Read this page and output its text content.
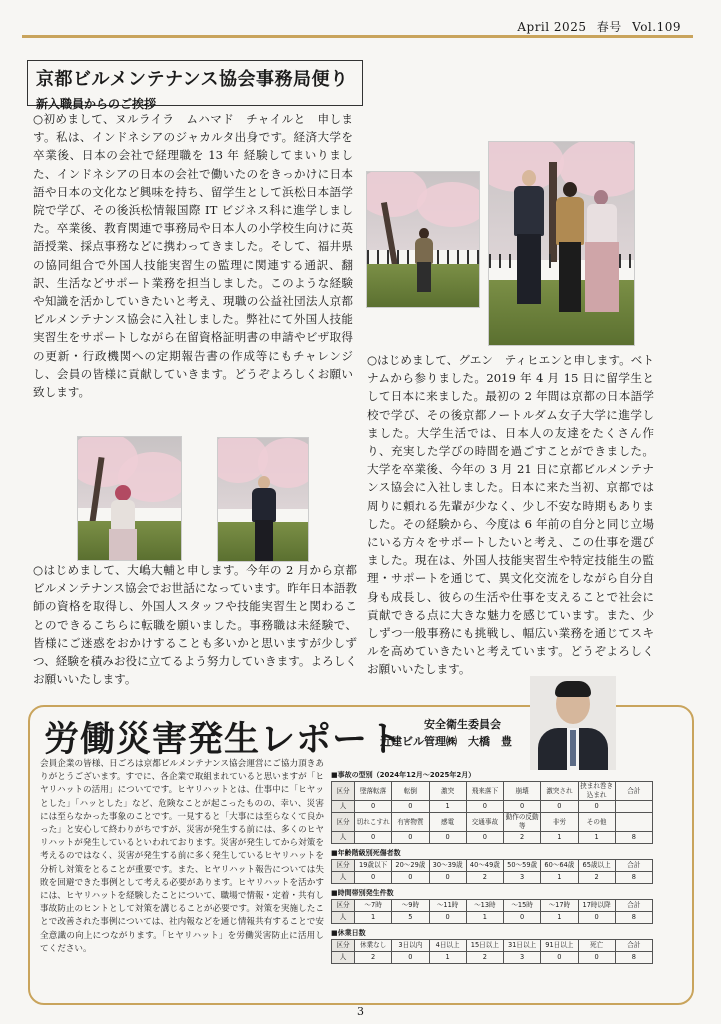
April 2025 春号 Vol.109
京都ビルメンテナンス協会事務局便り
新入職員からのご挨拶
○初めまして、ヌルライラ　ムハマド　チャイルと　申します。私は、インドネシアのジャカルタ出身です。経済大学を卒業後、日本の会社で経理職を 13 年 経験してまいりました、インドネシアの日本の会社で働いたのをきっかけに日本語や日本の文化など興味を持ち、留学生として浜松日本語学院で学び、その後浜松情報国際 IT ビジネス科に進学しました。卒業後、教育関連で事務局や日本人の小学校生向けに英語授業、採点事務などに携わってきました。そして、福井県の協同組合で外国人技能実習生の監理に関連する通訳、翻訳、生活などサポート業務を担当しました。このような経験や知識を活かしていきたいと考え、現職の公益社団法人京都ビルメンテナンス協会に入社しました。弊社にて外国人技能実習生をサポートしながら在留資格証明書の申請やビザ取得の更新・行政機関への定期報告書の作成等にもチャレンジし、会員の皆様に貢献していきます。どうぞよろしくお願い致します。
○はじめまして、グエン　ティヒエンと申します。ベトナムから参りました。2019 年 4 月 15 日に留学生として日本に来ました。最初の 2 年間は京都の日本語学校で学び、その後京都ノートルダム女子大学に進学しました。大学生活では、日本人の友達をたくさん作り、充実した学びの時間を過ごすことができました。大学を卒業後、今年の 3 月 21 日に京都ビルメンテナンス協会に入社しました。日本に来た当初、京都では周りに頼れる先輩が少なく、少し不安な時期もありました。その経験から、今度は 6 年前の自分と同じ立場にいる方々をサポートしたいと考え、この仕事を選びました。現在は、外国人技能実習生や特定技能生の監理・サポートを通じて、異文化交流をしながら自分自身も成長し、彼らの生活や仕事を支えることで社会に貢献できる点に大きな魅力を感じています。また、少しずつ一般事務にも挑戦し、幅広い業務を通じてスキルを高めていきたいと考えています。どうぞよろしくお願いいたします。
○はじめまして、大嶋大輔と申します。今年の 2 月から京都ビルメンテナンス協会でお世話になっています。昨年日本語教師の資格を取得し、外国人スタッフや技能実習生と関わることのできるこちらに転職を願いました。事務職は未経験で、皆様にご迷惑をおかけすることも多いかと思いますが少しずつ、経験を積みお役に立てるよう努力していきます。よろしくお願いいたします。
労働災害発生レポート	安全衛生委員会
近建ビル管理㈱　大橋　豊
会員企業の皆様、日ごろは京都ビルメンテナンス協会運営にご協力頂きありがとうございます。すでに、各企業で取組まれていると思いますが「ヒヤリハットの活用」についてです。ヒヤリハットとは、仕事中に「ヒヤッとした」「ハッとした」など、危険なことが起こったものの、幸い、災害には至らなかった事象のことです。一見すると「大事には至らなくて良かった」と安心して終わりがちですが、災害が発生する前には、多くのヒヤリハットが発生しているといわれております。災害が発生してから対策を考えるのではなく、災害が発生する前に多く発生しているヒヤリハットを分析し対策をとることが重要です。また、ヒヤリハット報告については失敗を回避できた事例として考える必要があります。ヒヤリハットを活かすには、ヒヤリハットを経験したことについて、職場で情報・定着・共有し事故防止のヒントとして対策を講じることが必要です。対策を実施したことで改善された事例については、社内報などを通じ情報共有することで安全意識の向上につながります。「ヒヤリハット」を労働災害防止に活用してください。
■事故の型別（2024年12月～2025年2月）
区分	墜落転落	転倒	激突	飛来落下	崩壊	激突され	挟まれ巻き込まれ	合計
人	0	0	1	0	0	0	0	
区分	切れこすれ	有害物質	感電	交通事故	動作の反動等	非労	その他	
人	0	0	0	0	2	1	1	8
■年齢階級別死傷者数
区分	19歳以下	20～29歳	30～39歳	40～49歳	50～59歳	60～64歳	65歳以上	合計
人	0	0	0	2	3	1	2	8
■時間帯別発生件数
区分	～7時	～9時	～11時	～13時	～15時	～17時	17時以降	合計
人	1	5	0	1	0	1	0	8
■休業日数
区分	休業なし	3日以内	4日以上	15日以上	31日以上	91日以上	死亡	合計
人	2	0	1	2	3	0	0	8
3
